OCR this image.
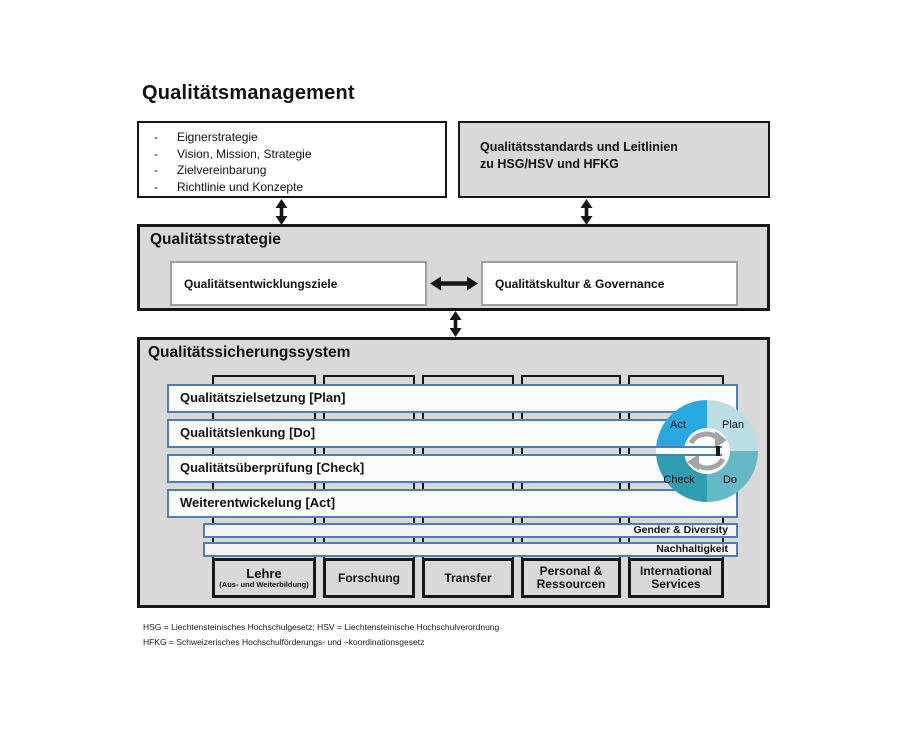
Qualitätsmanagement
-	Eignerstrategie
-	Vision, Mission, Strategie
-	Zielvereinbarung
-	Richtlinie und Konzepte
Qualitätsstandards und Leitlinien
zu HSG/HSV und HFKG
Qualitätsstrategie
Qualitätsentwicklungsziele	Qualitätskultur & Governance
Qualitätssicherungssystem
Qualitätszielsetzung [Plan]
Qualitätslenkung [Do]
Qualitätsüberprüfung [Check]
Weiterentwickelung [Act]
Gender & Diversity
Nachhaltigkeit
Lehre
(Aus- und Weiterbildung) Forschung	Transfer	Personal & Ressourcen
International Services
Act	Plan
Check	Do
HSG = Liechtensteinisches Hochschulgesetz; HSV = Liechtensteinische Hochschulverordnung
HFKG = Schweizerisches Hochschulförderungs- und –koordinationsgesetz
